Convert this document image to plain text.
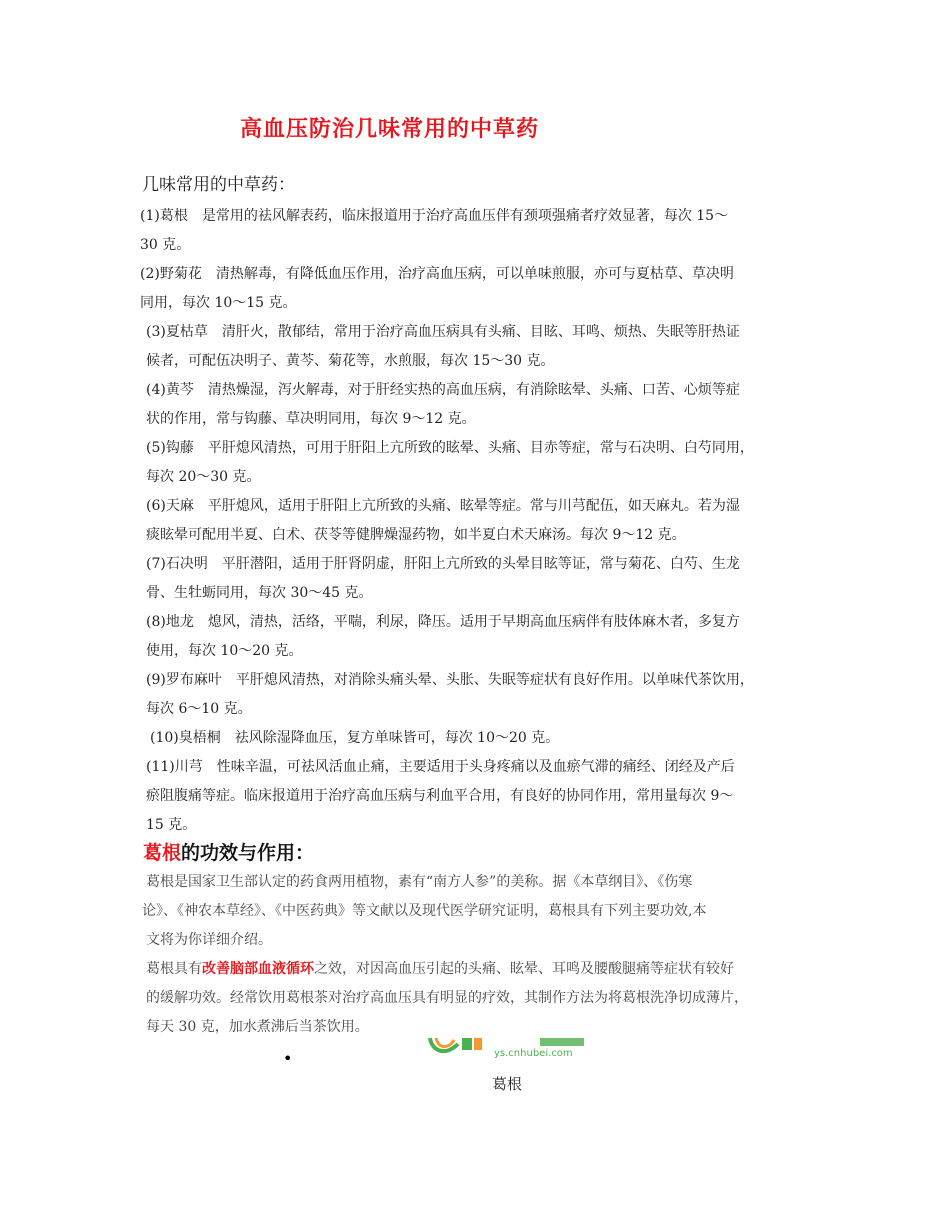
高血压防治几味常用的中草药
几味常用的中草药：
(1)葛根　是常用的祛风解表药，临床报道用于治疗高血压伴有颈项强痛者疗效显著，每次 15～
30 克。
(2)野菊花　清热解毒，有降低血压作用，治疗高血压病，可以单味煎服，亦可与夏枯草、草决明
同用，每次 10～15 克。
(3)夏枯草　清肝火，散郁结，常用于治疗高血压病具有头痛、目眩、耳鸣、烦热、失眠等肝热证
候者，可配伍决明子、黄芩、菊花等，水煎服，每次 15～30 克。
(4)黄芩　清热燥湿，泻火解毒，对于肝经实热的高血压病，有消除眩晕、头痛、口苦、心烦等症
状的作用，常与钩藤、草决明同用，每次 9～12 克。
(5)钩藤　平肝熄风清热，可用于肝阳上亢所致的眩晕、头痛、目赤等症，常与石决明、白芍同用，
每次 20～30 克。
(6)天麻　平肝熄风，适用于肝阳上亢所致的头痛、眩晕等症。常与川芎配伍，如天麻丸。若为湿
痰眩晕可配用半夏、白术、茯苓等健脾燥湿药物，如半夏白术天麻汤。每次 9～12 克。
(7)石决明　平肝潜阳，适用于肝肾阴虚，肝阳上亢所致的头晕目眩等证，常与菊花、白芍、生龙
骨、生牡蛎同用，每次 30～45 克。
(8)地龙　熄风，清热，活络，平喘，利尿，降压。适用于早期高血压病伴有肢体麻木者，多复方
使用，每次 10～20 克。
(9)罗布麻叶　平肝熄风清热，对消除头痛头晕、头胀、失眠等症状有良好作用。以单味代茶饮用，
每次 6～10 克。
(10)臭梧桐　祛风除湿降血压，复方单味皆可，每次 10～20 克。
(11)川芎　性味辛温，可祛风活血止痛，主要适用于头身疼痛以及血瘀气滞的痛经、闭经及产后
瘀阻腹痛等症。临床报道用于治疗高血压病与利血平合用，有良好的协同作用，常用量每次 9～
15 克。
葛根的功效与作用：
葛根是国家卫生部认定的药食两用植物，素有“南方人参”的美称。据《本草纲目》、《伤寒
论》、《神农本草经》、《中医药典》等文献以及现代医学研究证明，葛根具有下列主要功效,本
文将为你详细介绍。
葛根具有改善脑部血液循环之效，对因高血压引起的头痛、眩晕、耳鸣及腰酸腿痛等症状有较好
的缓解功效。经常饮用葛根茶对治疗高血压具有明显的疗效，其制作方法为将葛根洗净切成薄片，
每天 30 克，加水煮沸后当茶饮用。
ys.cnhubei.com
•
葛根
